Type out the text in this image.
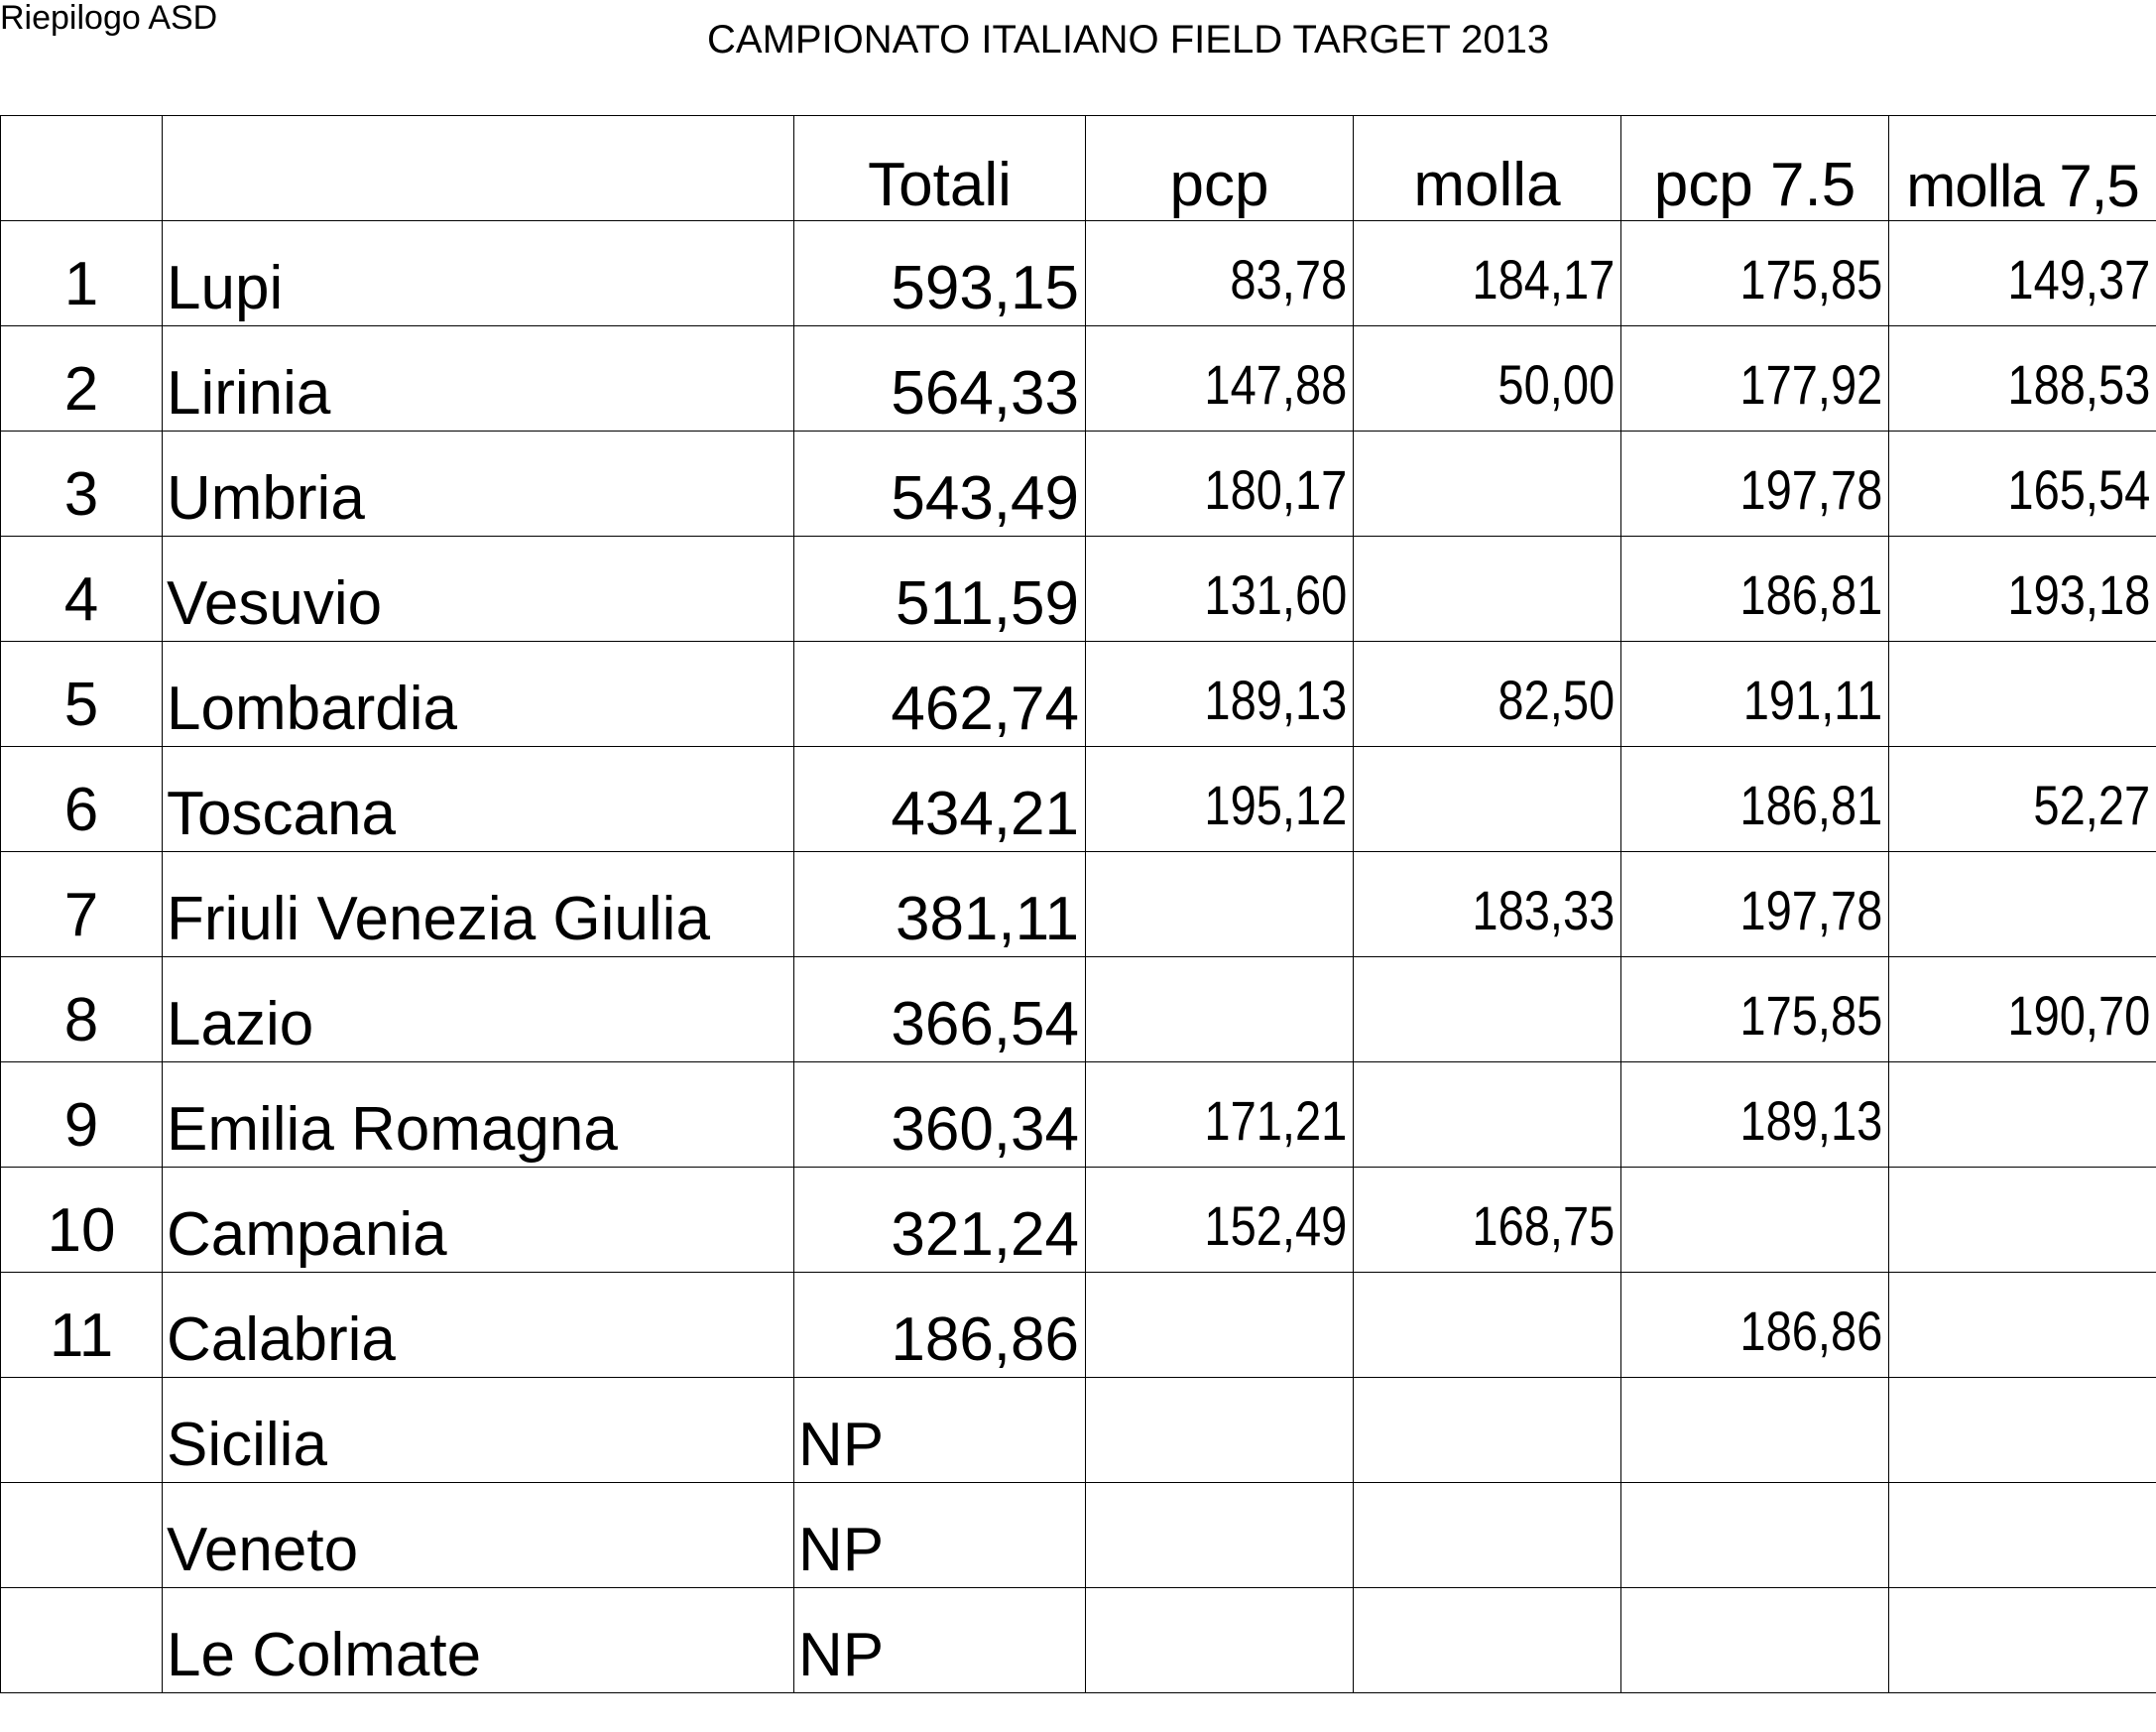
Riepilogo ASD	CAMPIONATO ITALIANO FIELD TARGET 2013
		Totali	pcp	molla	pcp 7.5	molla 7,5
1	Lupi	593,15	83,78	184,17	175,85	149,37
2	Lirinia	564,33	147,88	50,00	177,92	188,53
3	Umbria	543,49	180,17		197,78	165,54
4	Vesuvio	511,59	131,60		186,81	193,18
5	Lombardia	462,74	189,13	82,50	191,11	
6	Toscana	434,21	195,12		186,81	52,27
7	Friuli Venezia Giulia	381,11		183,33	197,78	
8	Lazio	366,54			175,85	190,70
9	Emilia Romagna	360,34	171,21		189,13	
10	Campania	321,24	152,49	168,75		
11	Calabria	186,86			186,86	
	Sicilia	NP				
	Veneto	NP				
	Le Colmate	NP				
